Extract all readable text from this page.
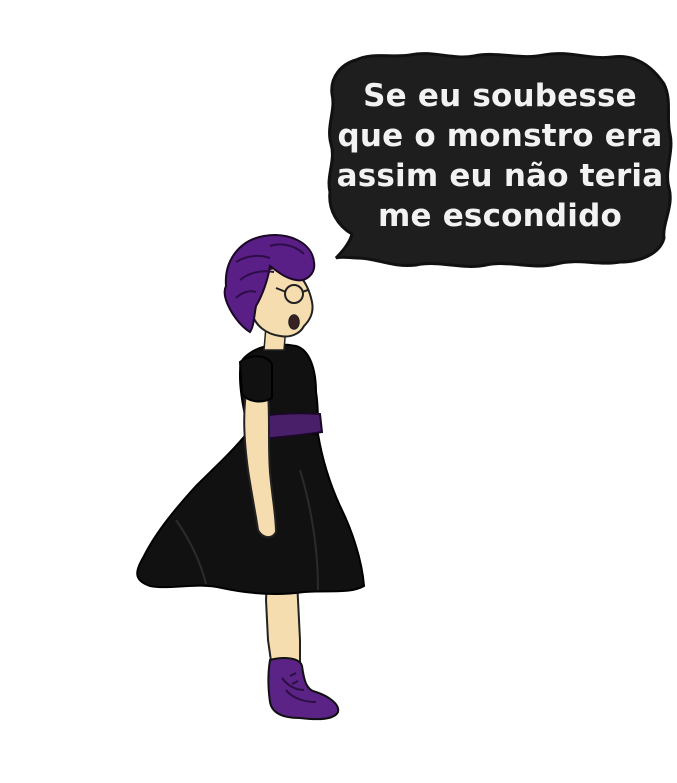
Se eu soubesse
que o monstro era
assim eu não teria
me escondido
